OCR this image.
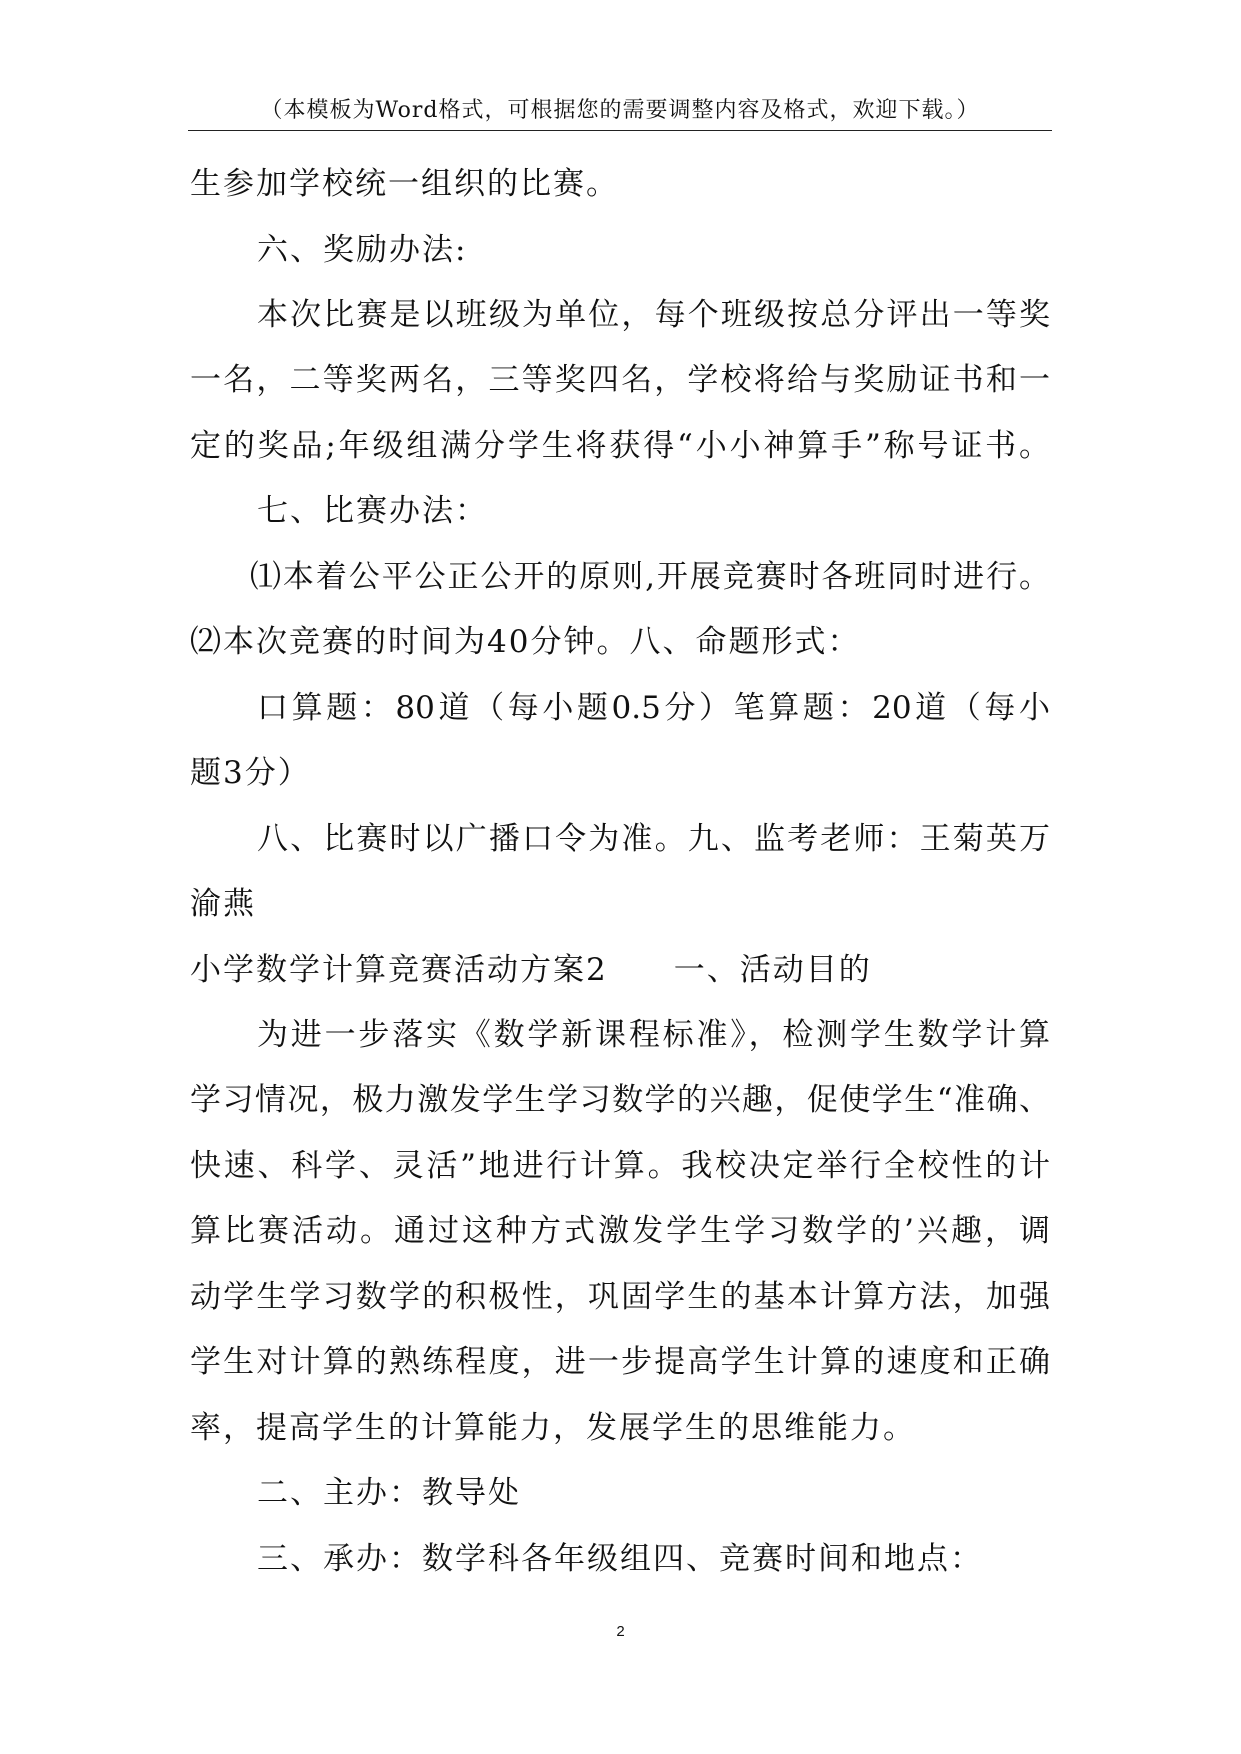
（本模板为Word格式，可根据您的需要调整内容及格式，欢迎下载。）
生参加学校统一组织的比赛。
六、奖励办法:
本次比赛是以班级为单位，每个班级按总分评出一等奖
一名，二等奖两名，三等奖四名，学校将给与奖励证书和一
定的奖品;年级组满分学生将获得“小小神算手”称号证书。
七、比赛办法：
⑴本着公平公正公开的原则,开展竞赛时各班同时进行。
⑵本次竞赛的时间为40分钟。八、命题形式：
口算题：80道（每小题0.5分）笔算题：20道（每小
题3分）
八、比赛时以广播口令为准。九、监考老师：王菊英万
渝燕
小学数学计算竞赛活动方案2　　一、活动目的
为进一步落实《数学新课程标准》，检测学生数学计算
学习情况，极力激发学生学习数学的兴趣，促使学生“准确、
快速、科学、灵活”地进行计算。我校决定举行全校性的计
算比赛活动。通过这种方式激发学生学习数学的’兴趣，调
动学生学习数学的积极性，巩固学生的基本计算方法，加强
学生对计算的熟练程度，进一步提高学生计算的速度和正确
率，提高学生的计算能力，发展学生的思维能力。
二、主办：教导处
三、承办：数学科各年级组四、竞赛时间和地点：
2
